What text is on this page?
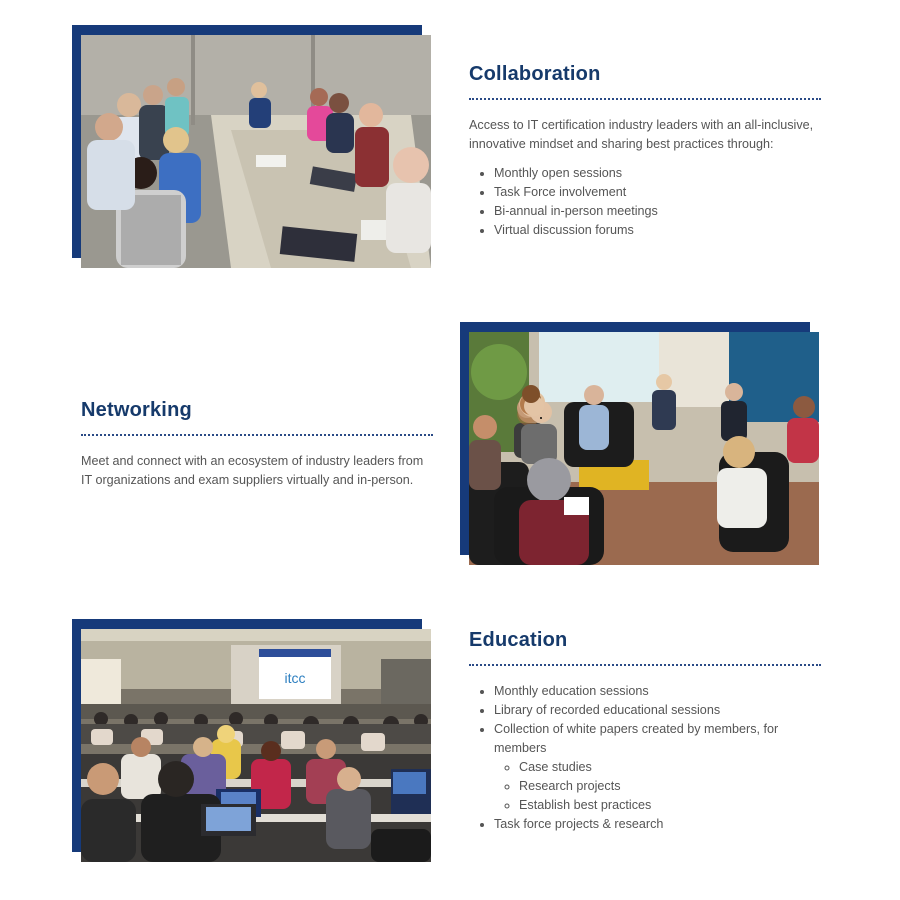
Collaboration

Access to IT certification industry leaders with an all-inclusive, innovative mindset and sharing best practices through:

• Monthly open sessions
• Task Force involvement
• Bi-annual in-person meetings
• Virtual discussion forums
Networking

Meet and connect with an ecosystem of industry leaders from IT organizations and exam suppliers virtually and in-person.

itcc
Education
• Monthly education sessions
• Library of recorded educational sessions
• Collection of white papers created by members, for members
◦ Case studies
◦ Research projects
◦ Establish best practices
• Task force projects & research
